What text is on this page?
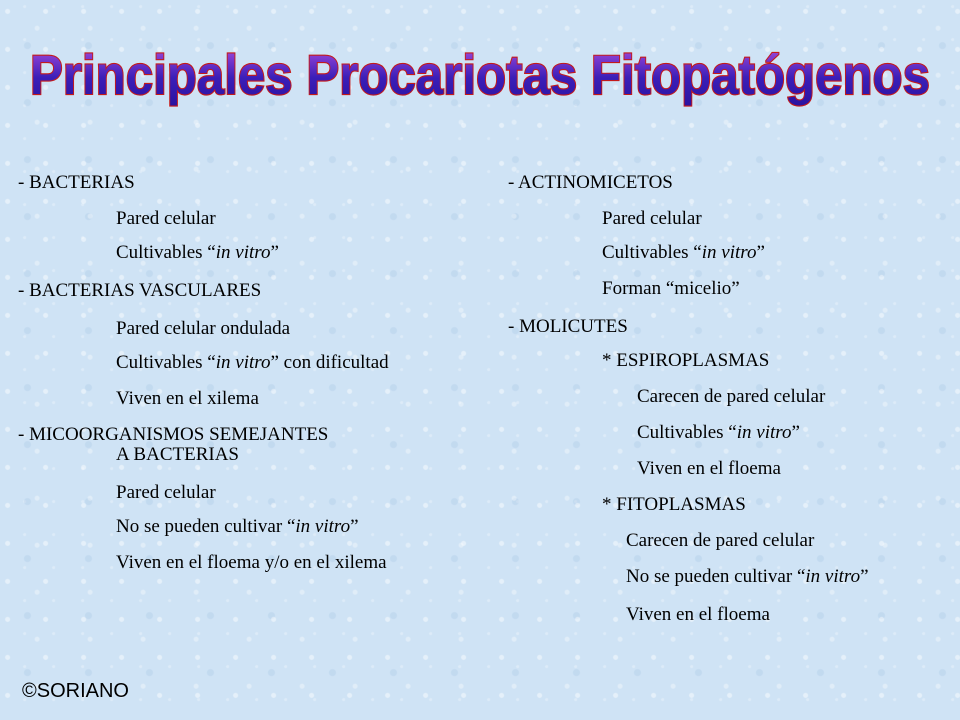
Principales Procariotas Fitopatógenos
- BACTERIAS
Pared celular
Cultivables “in vitro”
- BACTERIAS VASCULARES
Pared celular ondulada
Cultivables “in vitro” con dificultad
Viven en el xilema
- MICOORGANISMOS SEMEJANTES
A BACTERIAS
Pared celular
No se pueden cultivar “in vitro”
Viven en el floema y/o en el xilema
- ACTINOMICETOS
Pared celular
Cultivables “in vitro”
Forman “micelio”
- MOLICUTES
* ESPIROPLASMAS
Carecen de pared celular
Cultivables “in vitro”
Viven en el floema
* FITOPLASMAS
Carecen de pared celular
No se pueden cultivar “in vitro”
Viven en el floema
©SORIANO
